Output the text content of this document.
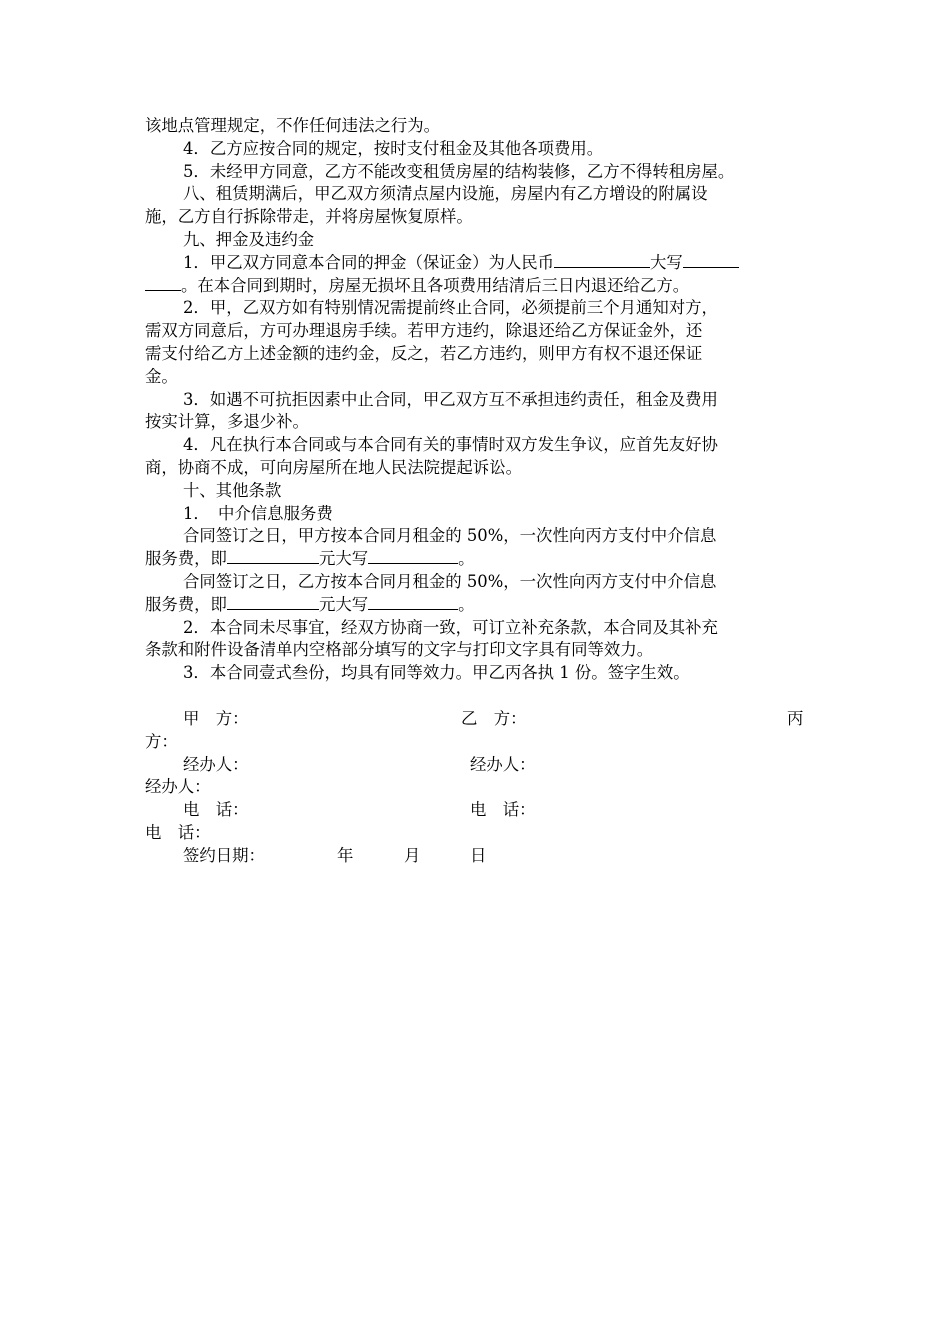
该地点管理规定，不作任何违法之行为。
4．乙方应按合同的规定，按时支付租金及其他各项费用。
5．未经甲方同意，乙方不能改变租赁房屋的结构装修，乙方不得转租房屋。
八、租赁期满后，甲乙双方须清点屋内设施，房屋内有乙方增设的附属设
施，乙方自行拆除带走，并将房屋恢复原样。
九、押金及违约金
1．甲乙双方同意本合同的押金（保证金）为人民币	大写
。在本合同到期时，房屋无损坏且各项费用结清后三日内退还给乙方。
2．甲，乙双方如有特别情况需提前终止合同，必须提前三个月通知对方，
需双方同意后，方可办理退房手续。若甲方违约，除退还给乙方保证金外，还
需支付给乙方上述金额的违约金，反之，若乙方违约，则甲方有权不退还保证
金。
3．如遇不可抗拒因素中止合同，甲乙双方互不承担违约责任，租金及费用
按实计算，多退少补。
4．凡在执行本合同或与本合同有关的事情时双方发生争议，应首先友好协
商，协商不成，可向房屋所在地人民法院提起诉讼。
十、其他条款
1．　中介信息服务费
合同签订之日，甲方按本合同月租金的 50%，一次性向丙方支付中介信息
服务费，即	元大写	。
合同签订之日，乙方按本合同月租金的 50%，一次性向丙方支付中介信息
服务费，即	元大写	。
2．本合同未尽事宜，经双方协商一致，可订立补充条款，本合同及其补充
条款和附件设备清单内空格部分填写的文字与打印文字具有同等效力。
3．本合同壹式叁份，均具有同等效力。甲乙丙各执 1 份。签字生效。
甲　方：	乙　方：	丙
方：
经办人：	经办人：
经办人：
电　话：	电　话：
电　话：
签约日期：	年	月	日
